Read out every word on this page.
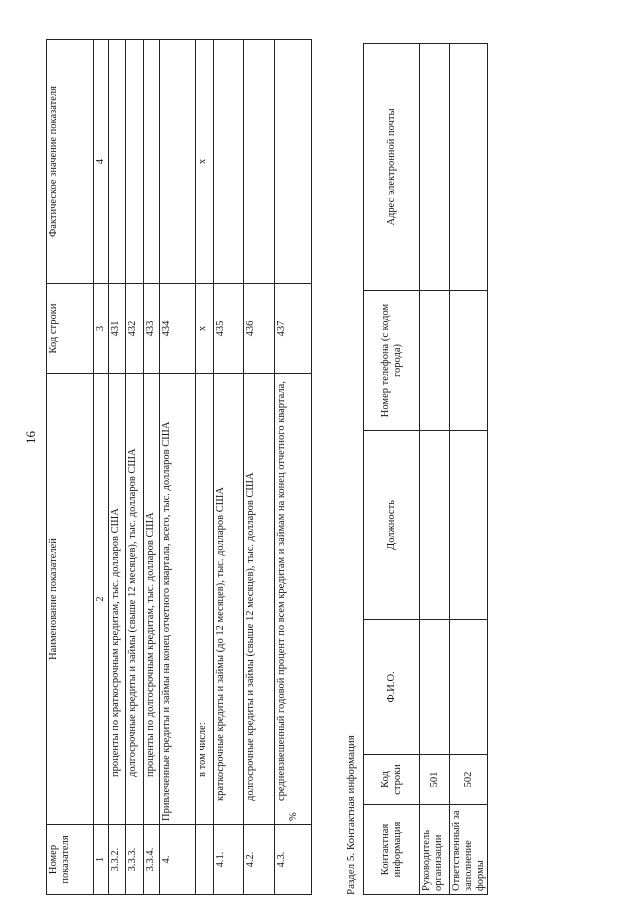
16
Номер показателя	Наименование показателей	Код строки	Фактическое значение показателя
1	2	3	4
3.3.2.	проценты по краткосрочным кредитам, тыс. долларов США	431	
3.3.3.	долгосрочные кредиты и займы (свыше 12 месяцев), тыс. долларов США	432	
3.3.4.	проценты по долгосрочным кредитам, тыс. долларов США	433	
4.	Привлеченные кредиты и займы на конец отчетного квартала, всего, тыс. долларов США	434	
	в том числе:	x	x
4.1.	краткосрочные кредиты и займы (до 12 месяцев), тыс. долларов США	435	
4.2.	долгосрочные кредиты и займы (свыше 12 месяцев), тыс. долларов США	436	
4.3.	средневзвешенный годовой процент по всем кредитам и займам на конец отчетного квартала, %	437	
Раздел 5. Контактная информация Контактная информация	Код строки	Ф.И.О.	Должность	Номер телефона (с кодом города)	Адрес электронной почты
Руководитель организации	501				
Ответственный за заполнение формы	502				
